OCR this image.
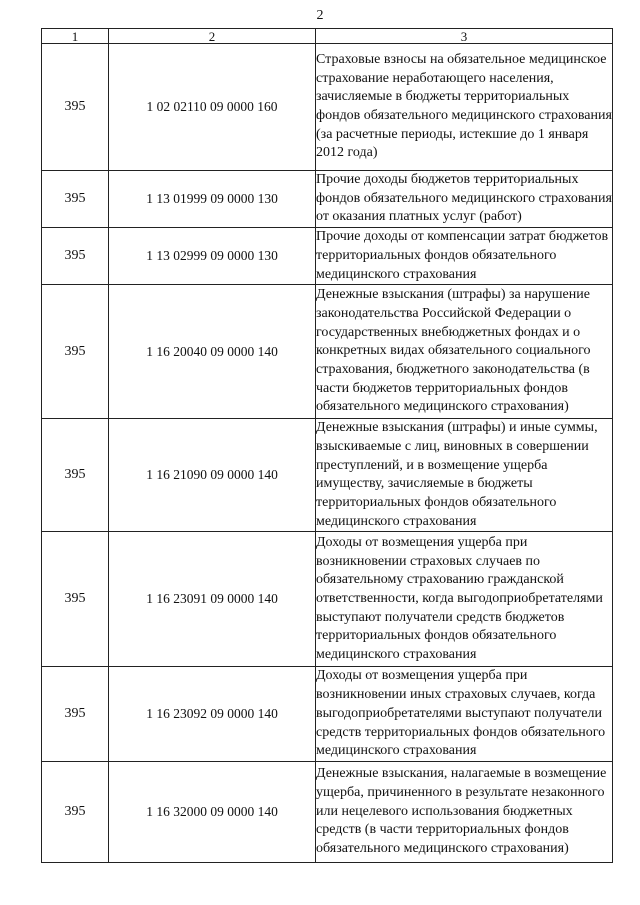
2
1	2	3
395	1 02 02110 09 0000 160	Страховые взносы на обязательное медицинское страхование неработающего населения, зачисляемые в бюджеты территориальных фондов обязательного медицинского страхования (за расчетные периоды, истекшие до 1 января 2012 года)
395	1 13 01999 09 0000 130	Прочие доходы бюджетов территориальных фондов обязательного медицинского страхования от оказания платных услуг (работ)
395	1 13 02999 09 0000 130	Прочие доходы от компенсации затрат бюджетов территориальных фондов обязательного медицинского страхования
395	1 16 20040 09 0000 140	Денежные взыскания (штрафы) за нарушение законодательства Российской Федерации о государственных внебюджетных фондах и о конкретных видах обязательного социального страхования, бюджетного законодательства (в части бюджетов территориальных фондов обязательного медицинского страхования)
395	1 16 21090 09 0000 140	Денежные взыскания (штрафы) и иные суммы, взыскиваемые с лиц, виновных в совершении преступлений, и в возмещение ущерба имуществу, зачисляемые в бюджеты территориальных фондов обязательного медицинского страхования
395	1 16 23091 09 0000 140	Доходы от возмещения ущерба при возникновении страховых случаев по обязательному страхованию гражданской ответственности, когда выгодоприобретателями выступают получатели средств бюджетов территориальных фондов обязательного медицинского страхования
395	1 16 23092 09 0000 140	Доходы от возмещения ущерба при возникновении иных страховых случаев, когда выгодоприобретателями выступают получатели средств территориальных фондов обязательного медицинского страхования
395	1 16 32000 09 0000 140	Денежные взыскания, налагаемые в возмещение ущерба, причиненного в результате незаконного или нецелевого использования бюджетных средств (в части территориальных фондов обязательного медицинского страхования)
